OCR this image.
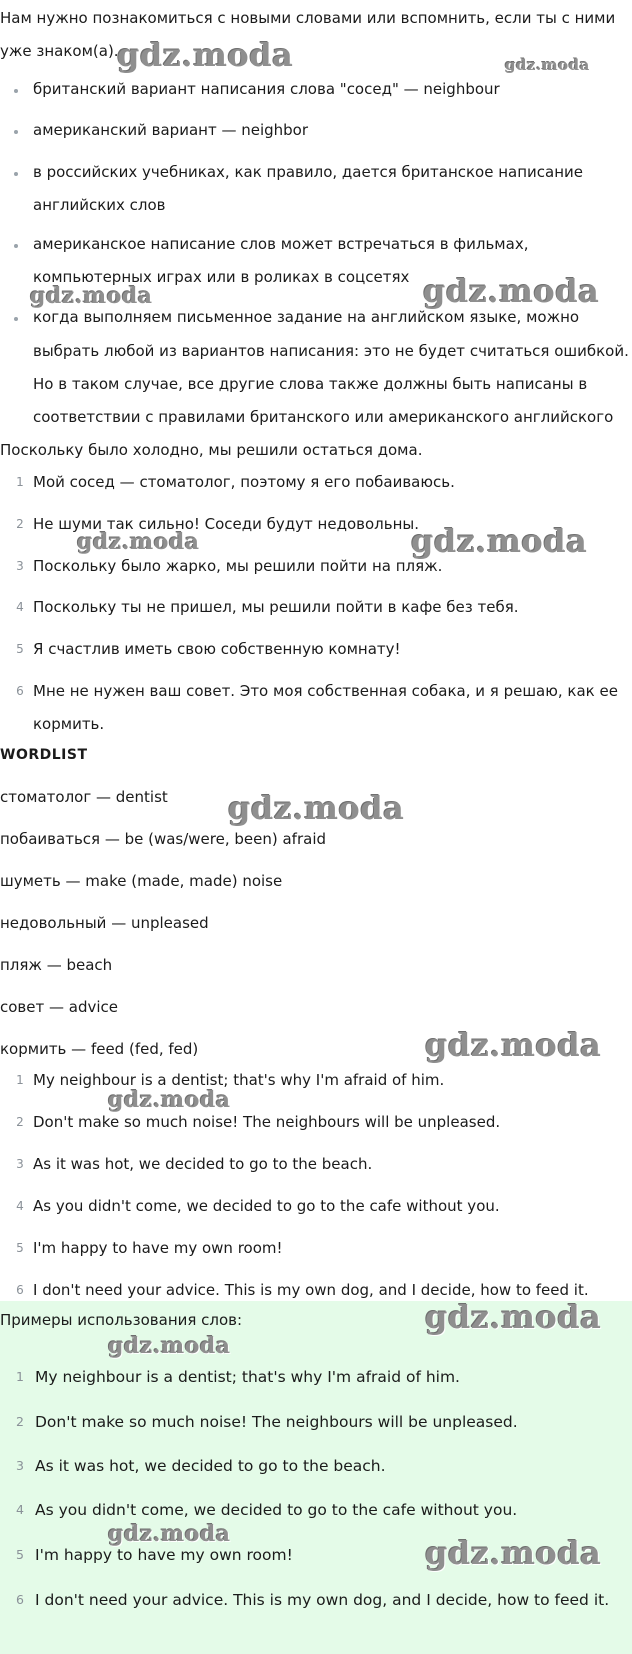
Нам нужно познакомиться с новыми словами или вспомнить, если ты с ними
уже знаком(а).
британский вариант написания слова "сосед" — neighbour
американский вариант — neighbor
в российских учебниках, как правило, дается британское написание
английских слов
американское написание слов может встречаться в фильмах,
компьютерных играх или в роликах в соцсетях
когда выполняем письменное задание на английском языке, можно
выбрать любой из вариантов написания: это не будет считаться ошибкой.
Но в таком случае, все другие слова также должны быть написаны в
соответствии с правилами британского или американского английского
Поскольку было холодно, мы решили остаться дома.
1 Мой сосед — стоматолог, поэтому я его побаиваюсь.
2 Не шуми так сильно! Соседи будут недовольны.
3 Поскольку было жарко, мы решили пойти на пляж.
4 Поскольку ты не пришел, мы решили пойти в кафе без тебя.
5 Я счастлив иметь свою собственную комнату!
6 Мне не нужен ваш совет. Это моя собственная собака, и я решаю, как ее
кормить.
WORDLIST
стоматолог — dentist
побаиваться — be (was/were, been) afraid
шуметь — make (made, made) noise
недовольный — unpleased
пляж — beach
совет — advice
кормить — feed (fed, fed)
1 My neighbour is a dentist; that's why I'm afraid of him.
2 Don't make so much noise! The neighbours will be unpleased.
3 As it was hot, we decided to go to the beach.
4 As you didn't come, we decided to go to the cafe without you.
5 I'm happy to have my own room!
6 I don't need your advice. This is my own dog, and I decide, how to feed it.
Примеры использования слов:
1 My neighbour is a dentist; that's why I'm afraid of him.
2 Don't make so much noise! The neighbours will be unpleased.
3 As it was hot, we decided to go to the beach.
4 As you didn't come, we decided to go to the cafe without you.
5 I'm happy to have my own room!
6 I don't need your advice. This is my own dog, and I decide, how to feed it.
gdz.moda	gdz.moda
gdz.moda	gdz.moda
gdz.moda	gdz.moda
gdz.moda
gdz.moda
gdz.moda
gdz.moda
gdz.moda
gdz.moda	gdz.moda
